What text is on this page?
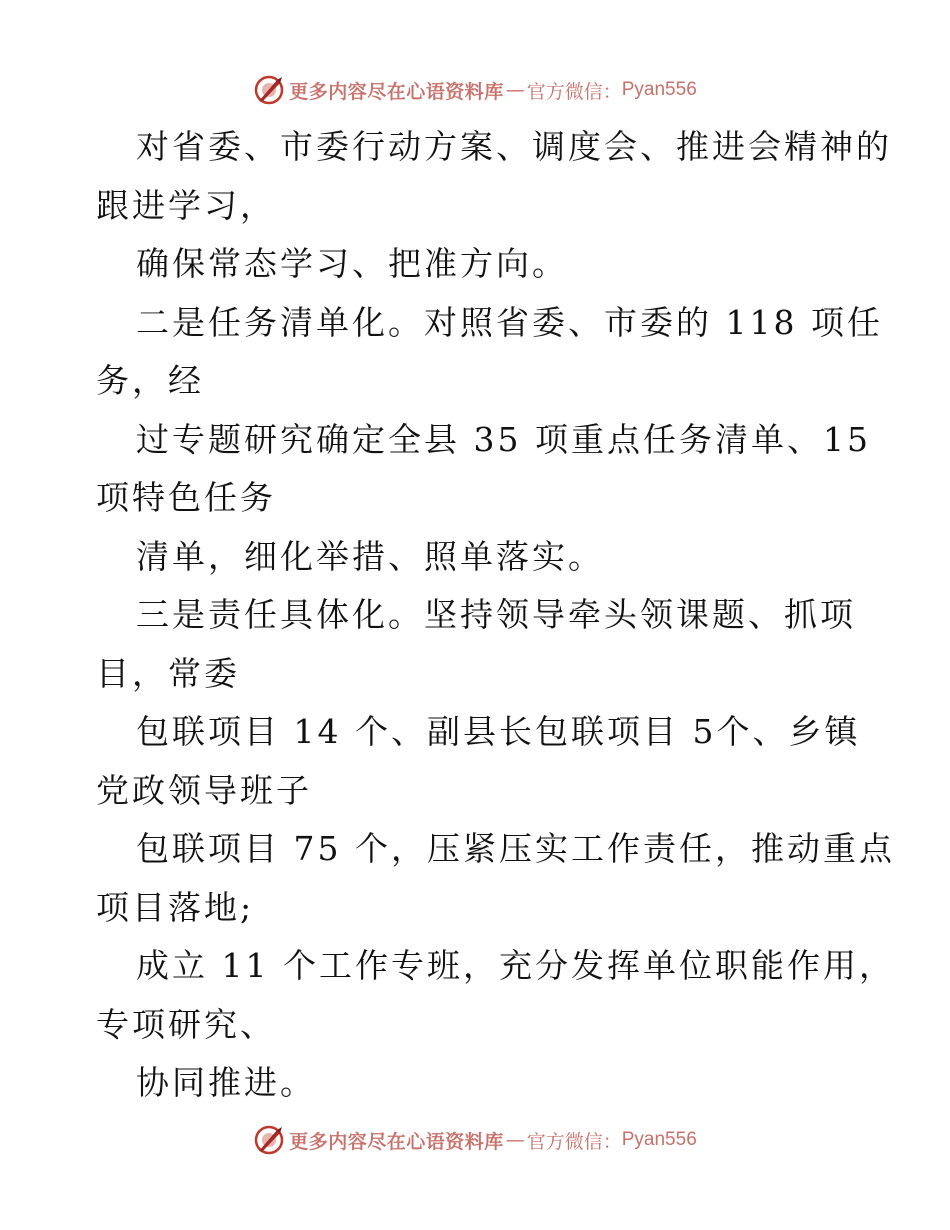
更多内容尽在心语资料库 — 官方微信： Pyan556
对省委、市委行动方案、调度会、推进会精神的
跟进学习，
确保常态学习、把准方向。
二是任务清单化。对照省委、市委的 118 项任
务，经
过专题研究确定全县 35 项重点任务清单、15
项特色任务
清单，细化举措、照单落实。
三是责任具体化。坚持领导牵头领课题、抓项
目，常委
包联项目 14 个、副县长包联项目 5个、乡镇
党政领导班子
包联项目 75 个，压紧压实工作责任，推动重点
项目落地;
成立 11 个工作专班，充分发挥单位职能作用，
专项研究、
协同推进。
更多内容尽在心语资料库 — 官方微信： Pyan556
